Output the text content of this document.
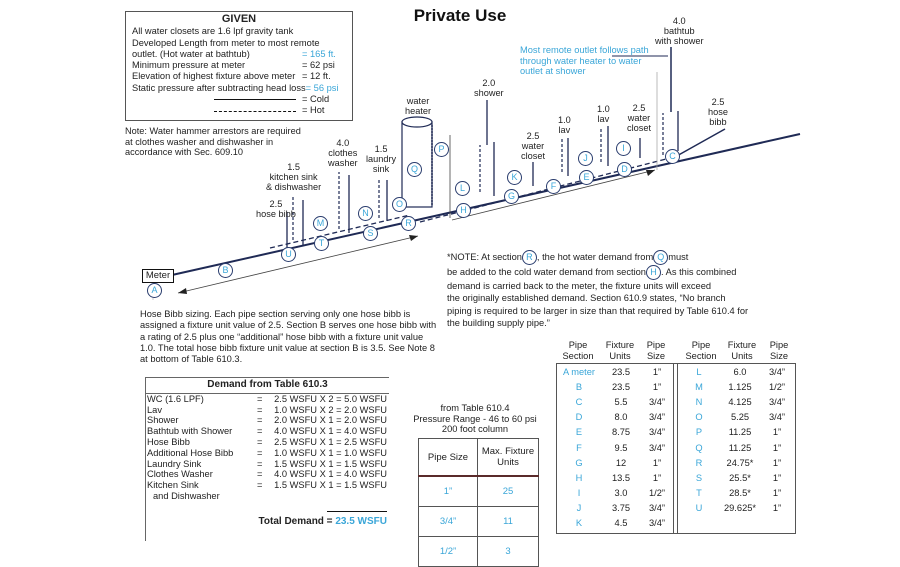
Private Use
GIVEN
All water closets are 1.6 lpf gravity tank
Developed Length from meter to most remote
outlet. (Hot water at bathtub)	= 165 ft.
Minimum pressure at meter	= 62 psi
Elevation of highest fixture above meter = 12 ft.
Static pressure after subtracting head loss = 56 psi
= Cold
= Hot
Note: Water hammer arrestors are required at clothes washer and dishwasher in accordance with Sec. 609.10
Most remote outlet follows path through water heater to water outlet at shower
Meter
2.5
hose bibb
1.5
kitchen sink
& dishwasher
4.0
clothes
washer
1.5
laundry
sink
water
heater
2.0
shower
2.5
water
closet
1.0
lav
1.0
lav
2.5
water
closet
4.0
bathtub
with shower
2.5
hose
bibb
A
B
C
D
E
F
G
H
I
J
K
L
M
N
O
P
Q
R
S
T
U	*NOTE: At section R , the hot water demand from Q must
be added to the cold water demand from section H . As this combined
demand is carried back to the meter, the fixture units will exceed
the originally established demand. Section 610.9 states, “No branch
piping is required to be larger in size than that required by Table 610.4 for
the building supply pipe.”
Hose Bibb sizing. Each pipe section serving only one hose bibb is assigned a fixture unit value of 2.5. Section B serves one hose bibb with a rating of 2.5 plus one “additional” hose bibb with a fixture unit value 1.0. The total hose bibb fixture unit value at section B is 3.5. See Note 8 at bottom of Table 610.3.
Demand from Table 610.3
WC (1.6 LPF)	=	2.5 WSFU X 2 = 5.0 WSFU
Lav	=	1.0 WSFU X 2 = 2.0 WSFU
Shower	=	2.0 WSFU X 1 = 2.0 WSFU
Bathtub with Shower	=	4.0 WSFU X 1 = 4.0 WSFU
Hose Bibb	=	2.5 WSFU X 1 = 2.5 WSFU
Additional Hose Bibb	=	1.0 WSFU X 1 = 1.0 WSFU
Laundry Sink	=	1.5 WSFU X 1 = 1.5 WSFU
Clothes Washer	=	4.0 WSFU X 1 = 4.0 WSFU
Kitchen Sink	=	1.5 WSFU X 1 = 1.5 WSFU
and Dishwasher
Total Demand = 23.5 WSFU
from Table 610.4
Pressure Range - 46 to 60 psi
200 foot column
Pipe Size	Max. Fixture Units
1”	25
3/4”	11
1/2”	3
Pipe
Section
Fixture
Units
Pipe
Size
Pipe
Section
Fixture
Units
Pipe
Size
A meter	23.5	1”
B	23.5	1”
C	5.5	3/4”
D	8.0	3/4”
E	8.75	3/4”
F	9.5	3/4”
G	12	1”
H	13.5	1”
I	3.0	1/2”
J	3.75	3/4”
K	4.5	3/4”
L	6.0	3/4”
M	1.125	1/2”
N	4.125	3/4”
O	5.25	3/4”
P	11.25	1”
Q	11.25	1”
R	24.75*	1”
S	25.5*	1”
T	28.5*	1”
U	29.625*	1”
